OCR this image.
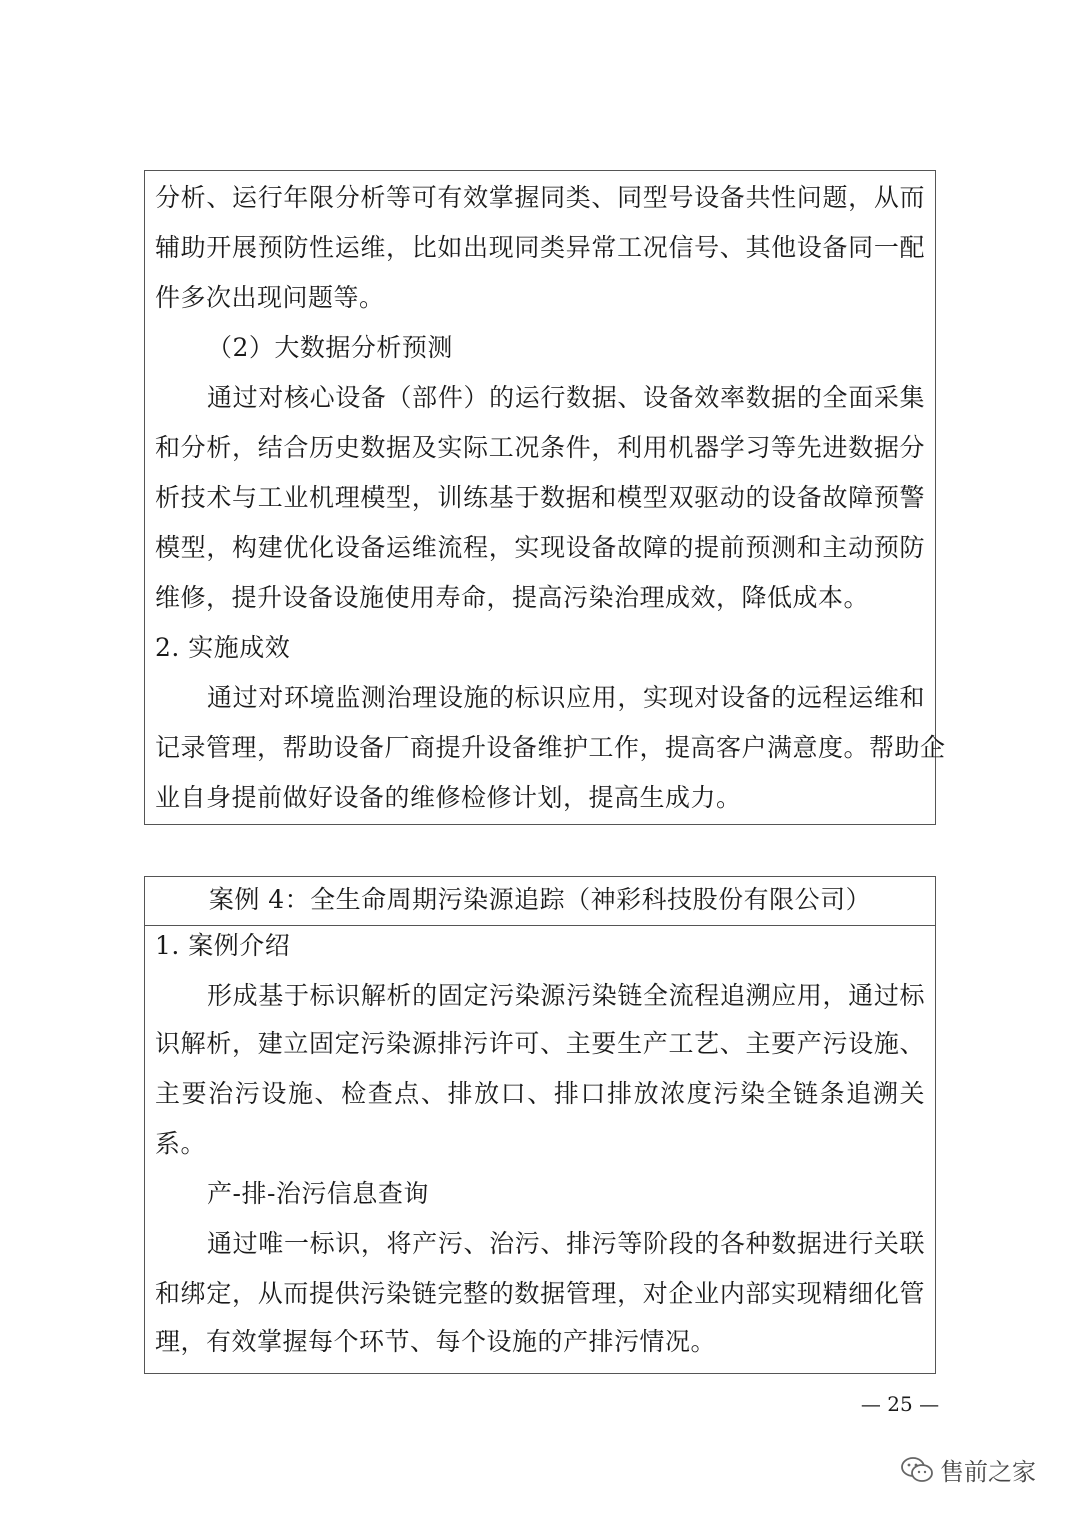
分析、运行年限分析等可有效掌握同类、同型号设备共性问题，从而
辅助开展预防性运维，比如出现同类异常工况信号、其他设备同一配
件多次出现问题等。
（2）大数据分析预测
通过对核心设备（部件）的运行数据、设备效率数据的全面采集
和分析，结合历史数据及实际工况条件，利用机器学习等先进数据分
析技术与工业机理模型，训练基于数据和模型双驱动的设备故障预警
模型，构建优化设备运维流程，实现设备故障的提前预测和主动预防
维修，提升设备设施使用寿命，提高污染治理成效，降低成本。
2. 实施成效
通过对环境监测治理设施的标识应用，实现对设备的远程运维和
记录管理，帮助设备厂商提升设备维护工作，提高客户满意度。帮助企
业自身提前做好设备的维修检修计划，提高生成力。
案例 4：全生命周期污染源追踪（神彩科技股份有限公司）
1. 案例介绍
形成基于标识解析的固定污染源污染链全流程追溯应用，通过标
识解析，建立固定污染源排污许可、主要生产工艺、主要产污设施、
主要治污设施、检查点、排放口、排口排放浓度污染全链条追溯关
系。
产-排-治污信息查询
通过唯一标识，将产污、治污、排污等阶段的各种数据进行关联
和绑定，从而提供污染链完整的数据管理，对企业内部实现精细化管
理，有效掌握每个环节、每个设施的产排污情况。
— 25 —
售前之家
